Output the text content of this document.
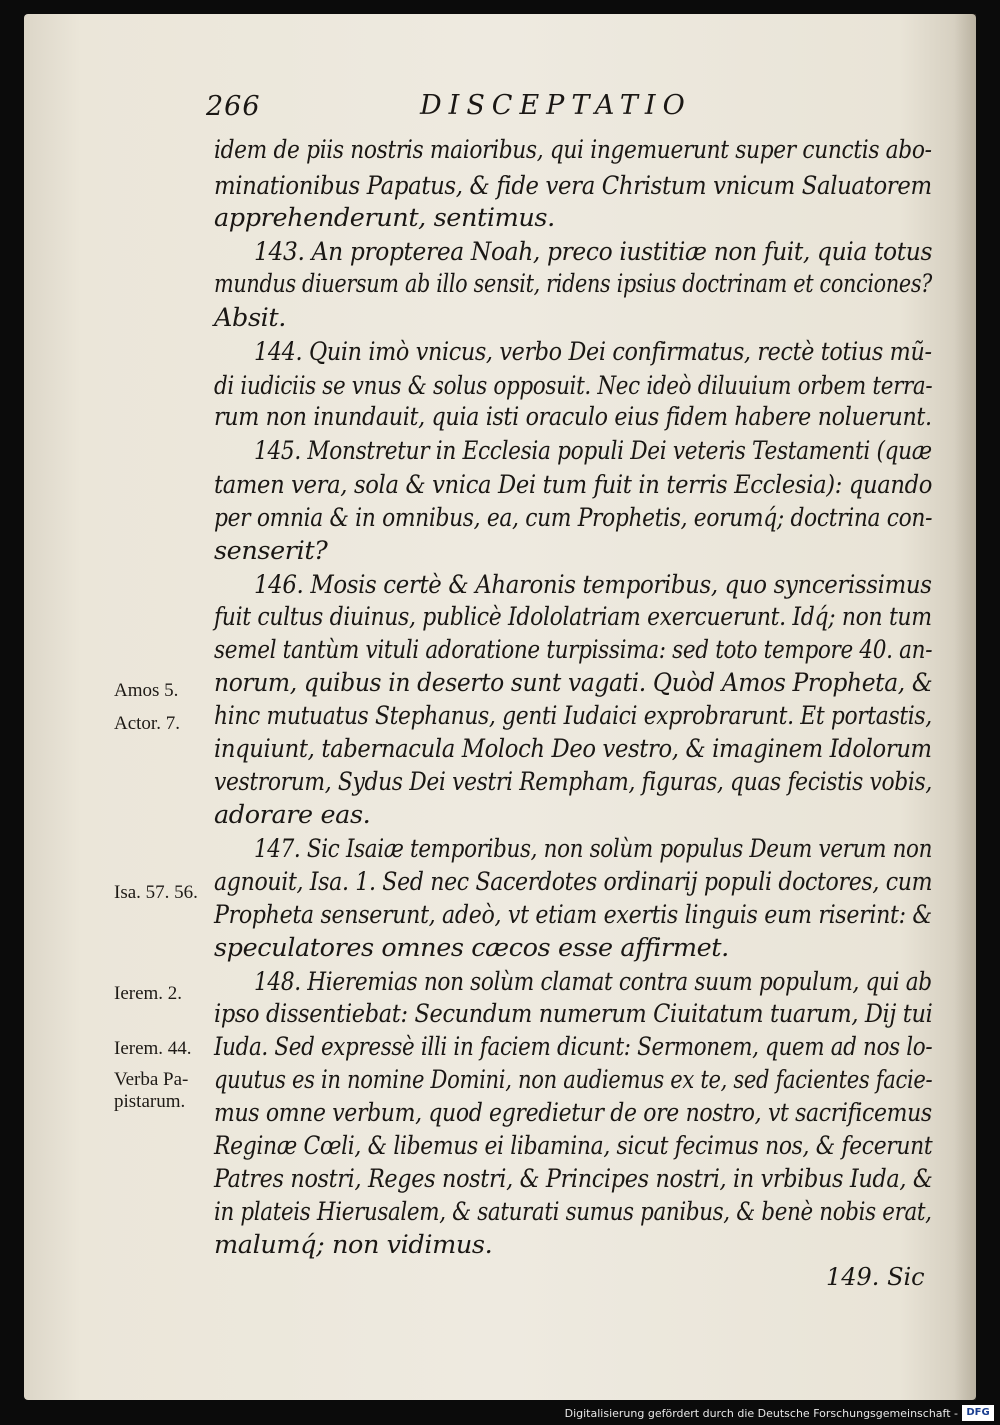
266	DISCEPTATIO
idem de piis nostris maioribus, qui ingemuerunt super cunctis abo-
minationibus Papatus, & fide vera Christum vnicum Saluatorem
apprehenderunt, sentimus.
143. An propterea Noah, preco iustitiæ non fuit, quia totus
mundus diuersum ab illo sensit, ridens ipsius doctrinam et conciones?
Absit.
144. Quin imò vnicus, verbo Dei confirmatus, rectè totius mũ-
di iudiciis se vnus & solus opposuit. Nec ideò diluuium orbem terra-
rum non inundauit, quia isti oraculo eius fidem habere noluerunt.
145. Monstretur in Ecclesia populi Dei veteris Testamenti (quæ
tamen vera, sola & vnica Dei tum fuit in terris Ecclesia): quando
per omnia & in omnibus, ea, cum Prophetis, eorumq́; doctrina con-
senserit?
146. Mosis certè & Aharonis temporibus, quo syncerissimus
fuit cultus diuinus, publicè Idololatriam exercuerunt. Idq́; non tum
semel tantùm vituli adoratione turpissima: sed toto tempore 40. an-
norum, quibus in deserto sunt vagati. Quòd Amos Propheta, &
hinc mutuatus Stephanus, genti Iudaici exprobrarunt. Et portastis,
inquiunt, tabernacula Moloch Deo vestro, & imaginem Idolorum
vestrorum, Sydus Dei vestri Rempham, figuras, quas fecistis vobis,
adorare eas.
147. Sic Isaiæ temporibus, non solùm populus Deum verum non
agnouit, Isa. 1. Sed nec Sacerdotes ordinarij populi doctores, cum
Propheta senserunt, adeò, vt etiam exertis linguis eum riserint: &
speculatores omnes cæcos esse affirmet.
148. Hieremias non solùm clamat contra suum populum, qui ab
ipso dissentiebat: Secundum numerum Ciuitatum tuarum, Dij tui
Iuda. Sed expressè illi in faciem dicunt: Sermonem, quem ad nos lo-
quutus es in nomine Domini, non audiemus ex te, sed facientes facie-
mus omne verbum, quod egredietur de ore nostro, vt sacrificemus
Reginæ Cœli, & libemus ei libamina, sicut fecimus nos, & fecerunt
Patres nostri, Reges nostri, & Principes nostri, in vrbibus Iuda, &
in plateis Hierusalem, & saturati sumus panibus, & benè nobis erat,
malumq́; non vidimus.
Amos 5.
Actor. 7.
Isa. 57. 56.
Ierem. 2.
Ierem. 44.
Verba Pa-
pistarum.
149. Sic
Digitalisierung gefördert durch die Deutsche Forschungsgemeinschaft - DFG
